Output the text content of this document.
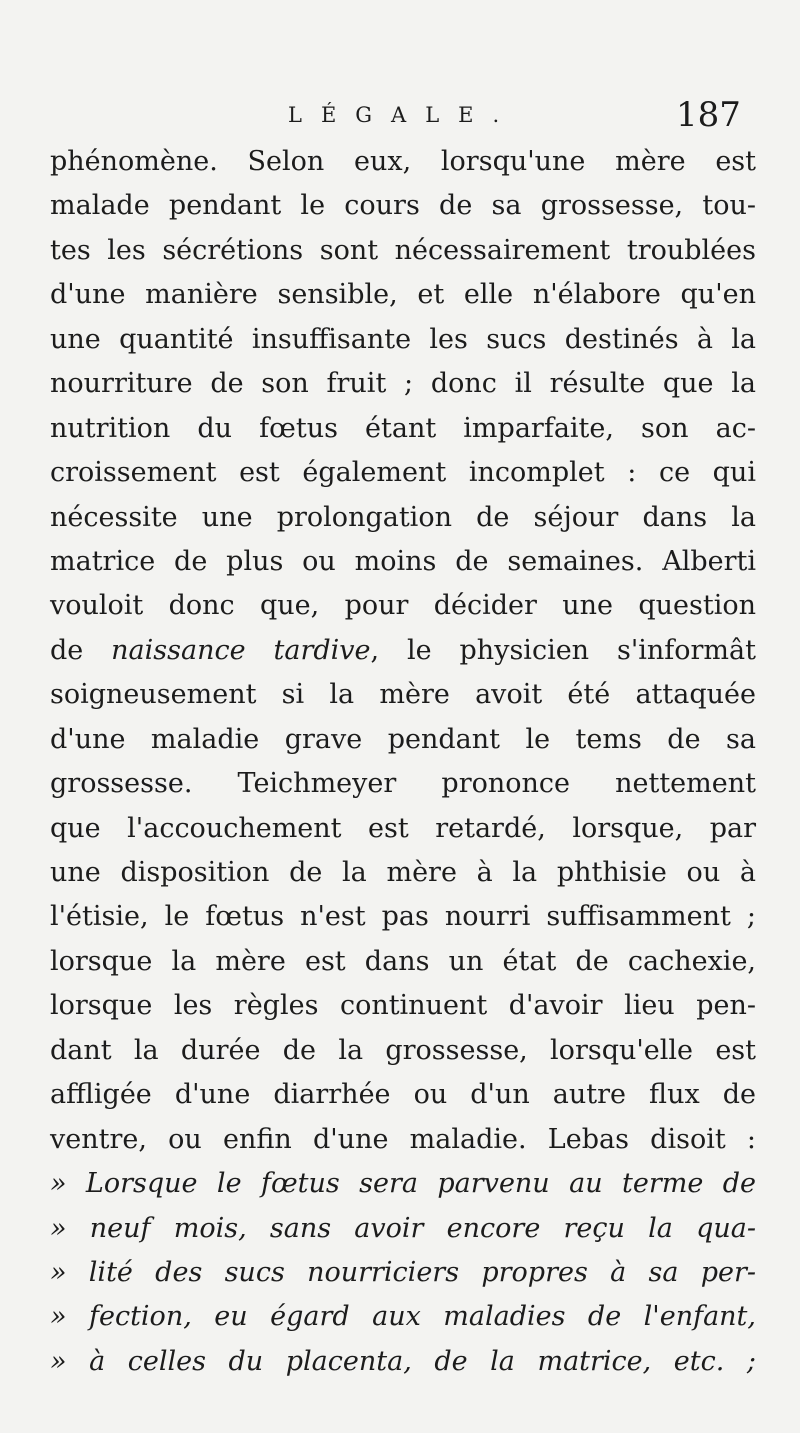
LÉGALE.	187
phénomène. Selon eux, lorsqu'une mère est
malade pendant le cours de sa grossesse, tou-
tes les sécrétions sont nécessairement troublées
d'une manière sensible, et elle n'élabore qu'en
une quantité insuffisante les sucs destinés à la
nourriture de son fruit ; donc il résulte que la
nutrition du fœtus étant imparfaite, son ac-
croissement est également incomplet : ce qui
nécessite une prolongation de séjour dans la
matrice de plus ou moins de semaines. Alberti
vouloit donc que, pour décider une question
de naissance tardive, le physicien s'informât
soigneusement si la mère avoit été attaquée
d'une maladie grave pendant le tems de sa
grossesse. Teichmeyer prononce nettement
que l'accouchement est retardé, lorsque, par
une disposition de la mère à la phthisie ou à
l'étisie, le fœtus n'est pas nourri suffisamment ;
lorsque la mère est dans un état de cachexie,
lorsque les règles continuent d'avoir lieu pen-
dant la durée de la grossesse, lorsqu'elle est
affligée d'une diarrhée ou d'un autre flux de
ventre, ou enfin d'une maladie. Lebas disoit :
» Lorsque le fœtus sera parvenu au terme de
» neuf mois, sans avoir encore reçu la qua-
» lité des sucs nourriciers propres à sa per-
» fection, eu égard aux maladies de l'enfant,
» à celles du placenta, de la matrice, etc. ;
